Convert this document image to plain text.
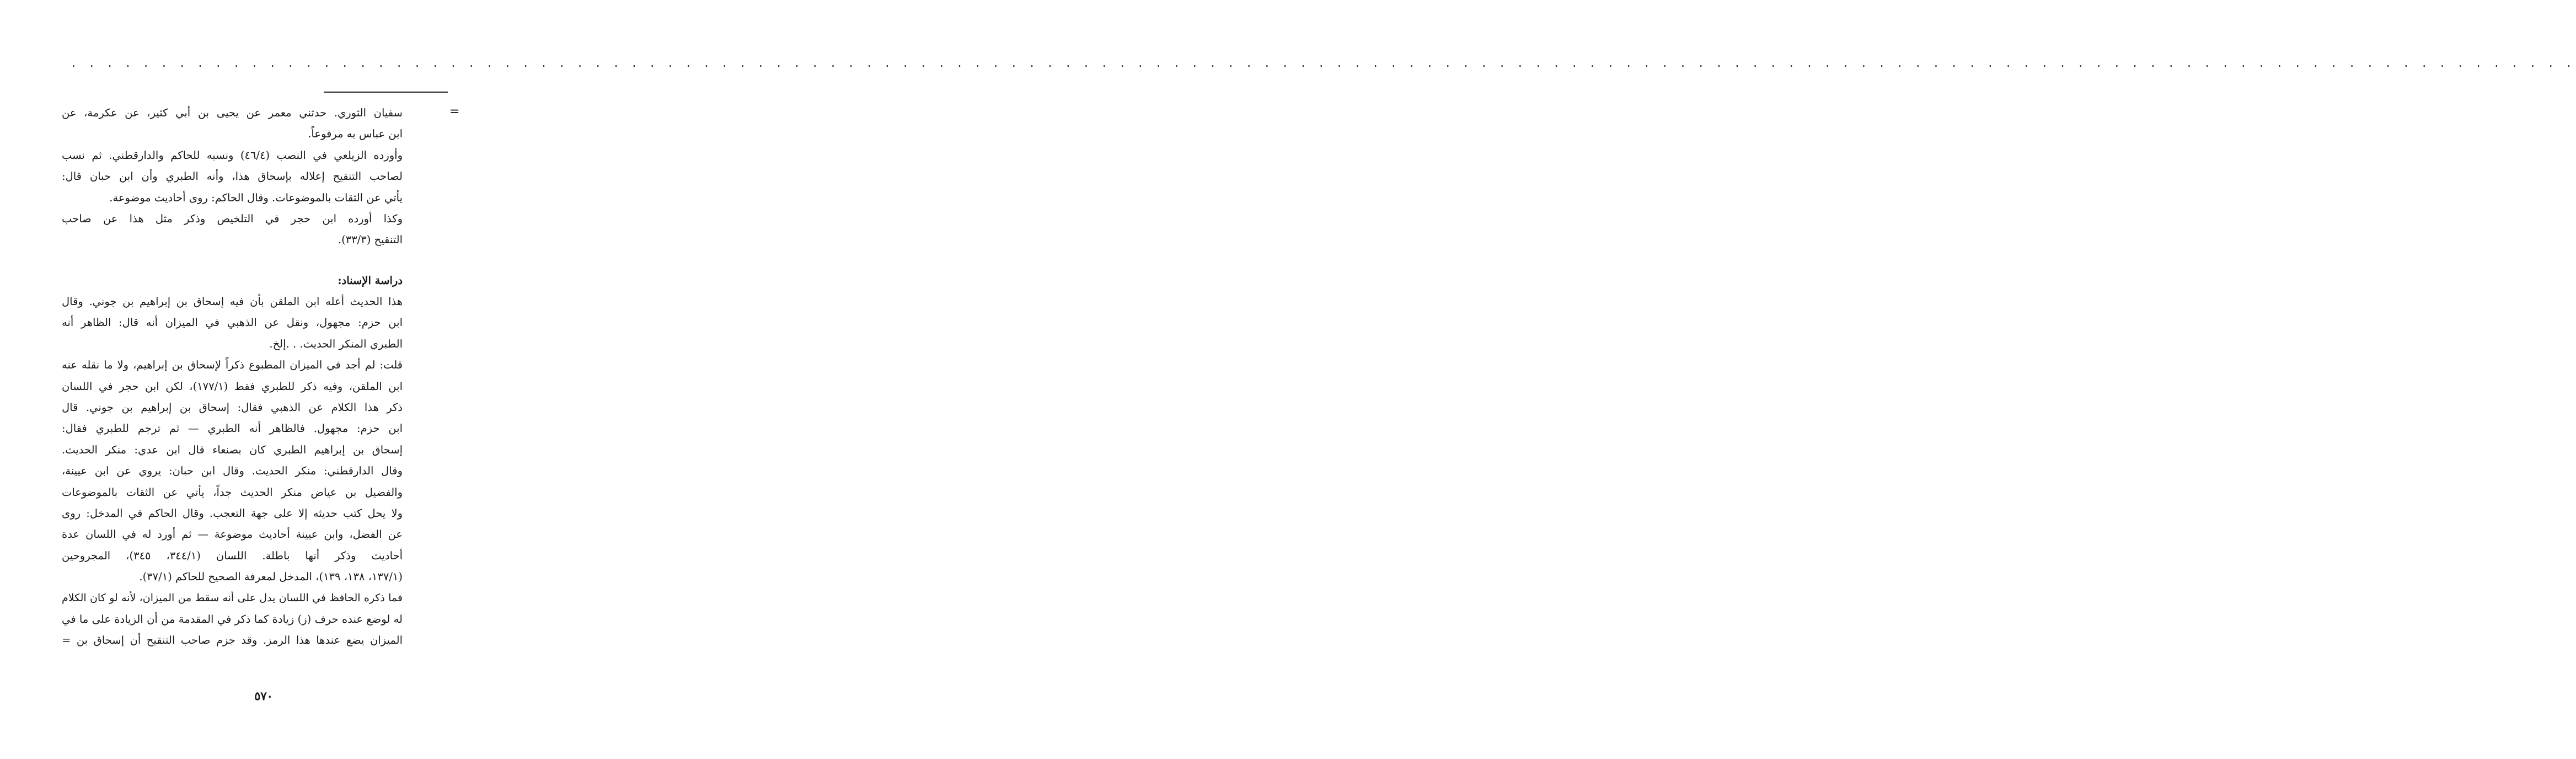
. . . . . . . . . . . . . . . . . . . . . . . . . . . . . . . . . . . . . . . . . . . . . . . . . . . . . . . . . . . . . . . . . . . . . . . . . . . . . . . . . . . . . . . . . . . . . . . . . . . . . . . . . . . . . . . . . . . . . . . . . . . . . . . . . . . . . . . . . . .
=
سفيان الثوري. حدثني معمر عن يحيى بن أبي كثير، عن عكرمة، عن
ابن عباس به مرفوعاً.
وأورده الزيلعي في النصب (٤٦/٤) ونسبه للحاكم والدارقطني. ثم نسب
لصاحب التنقيح إعلاله بإسحاق هذا، وأنه الطبري وأن ابن حبان قال:
يأتي عن الثقات بالموضوعات. وقال الحاكم: روى أحاديث موضوعة.
وكذا أورده ابن حجر في التلخيص وذكر مثل هذا عن صاحب
التنقيح (٣٣/٣).
دراسة الإسناد:
هذا الحديث أعله ابن الملقن بأن فيه إسحاق بن إبراهيم بن جوني. وقال
ابن حزم: مجهول، ونقل عن الذهبي في الميزان أنه قال: الظاهر أنه
الطبري المنكر الحديث. . .إلخ.
قلت: لم أجد في الميزان المطبوع ذكراً لإسحاق بن إبراهيم، ولا ما نقله عنه
ابن الملقن، وفيه ذكر للطبري فقط (١٧٧/١)، لكن ابن حجر في اللسان
ذكر هذا الكلام عن الذهبي فقال: إسحاق بن إبراهيم بن جوني. قال
ابن حزم: مجهول. فالظاهر أنه الطبري — ثم ترجم للطبري فقال:
إسحاق بن إبراهيم الطبري كان بصنعاء قال ابن عدي: منكر الحديث.
وقال الدارقطني: منكر الحديث. وقال ابن حبان: يروي عن ابن عيينة،
والفضيل بن عياض منكر الحديث جداً، يأتي عن الثقات بالموضوعات
ولا يحل كتب حديثه إلا على جهة التعجب. وقال الحاكم في المدخل: روى
عن الفضل، وابن عيينة أحاديث موضوعة — ثم أورد له في اللسان عدة
أحاديث وذكر أنها باطلة. اللسان (٣٤٤/١، ٣٤٥)، المجروحين
(١٣٧/١، ١٣٨، ١٣٩)، المدخل لمعرفة الصحيح للحاكم (٣٧/١).
فما ذكره الحافظ في اللسان يدل على أنه سقط من الميزان، لأنه لو كان الكلام
له لوضع عنده حرف (ز) زيادة كما ذكر في المقدمة من أن الزيادة على ما في
الميزان يضع عندها هذا الرمز. وقد جزم صاحب التنقيح أن إسحاق بن =
٥٧٠
